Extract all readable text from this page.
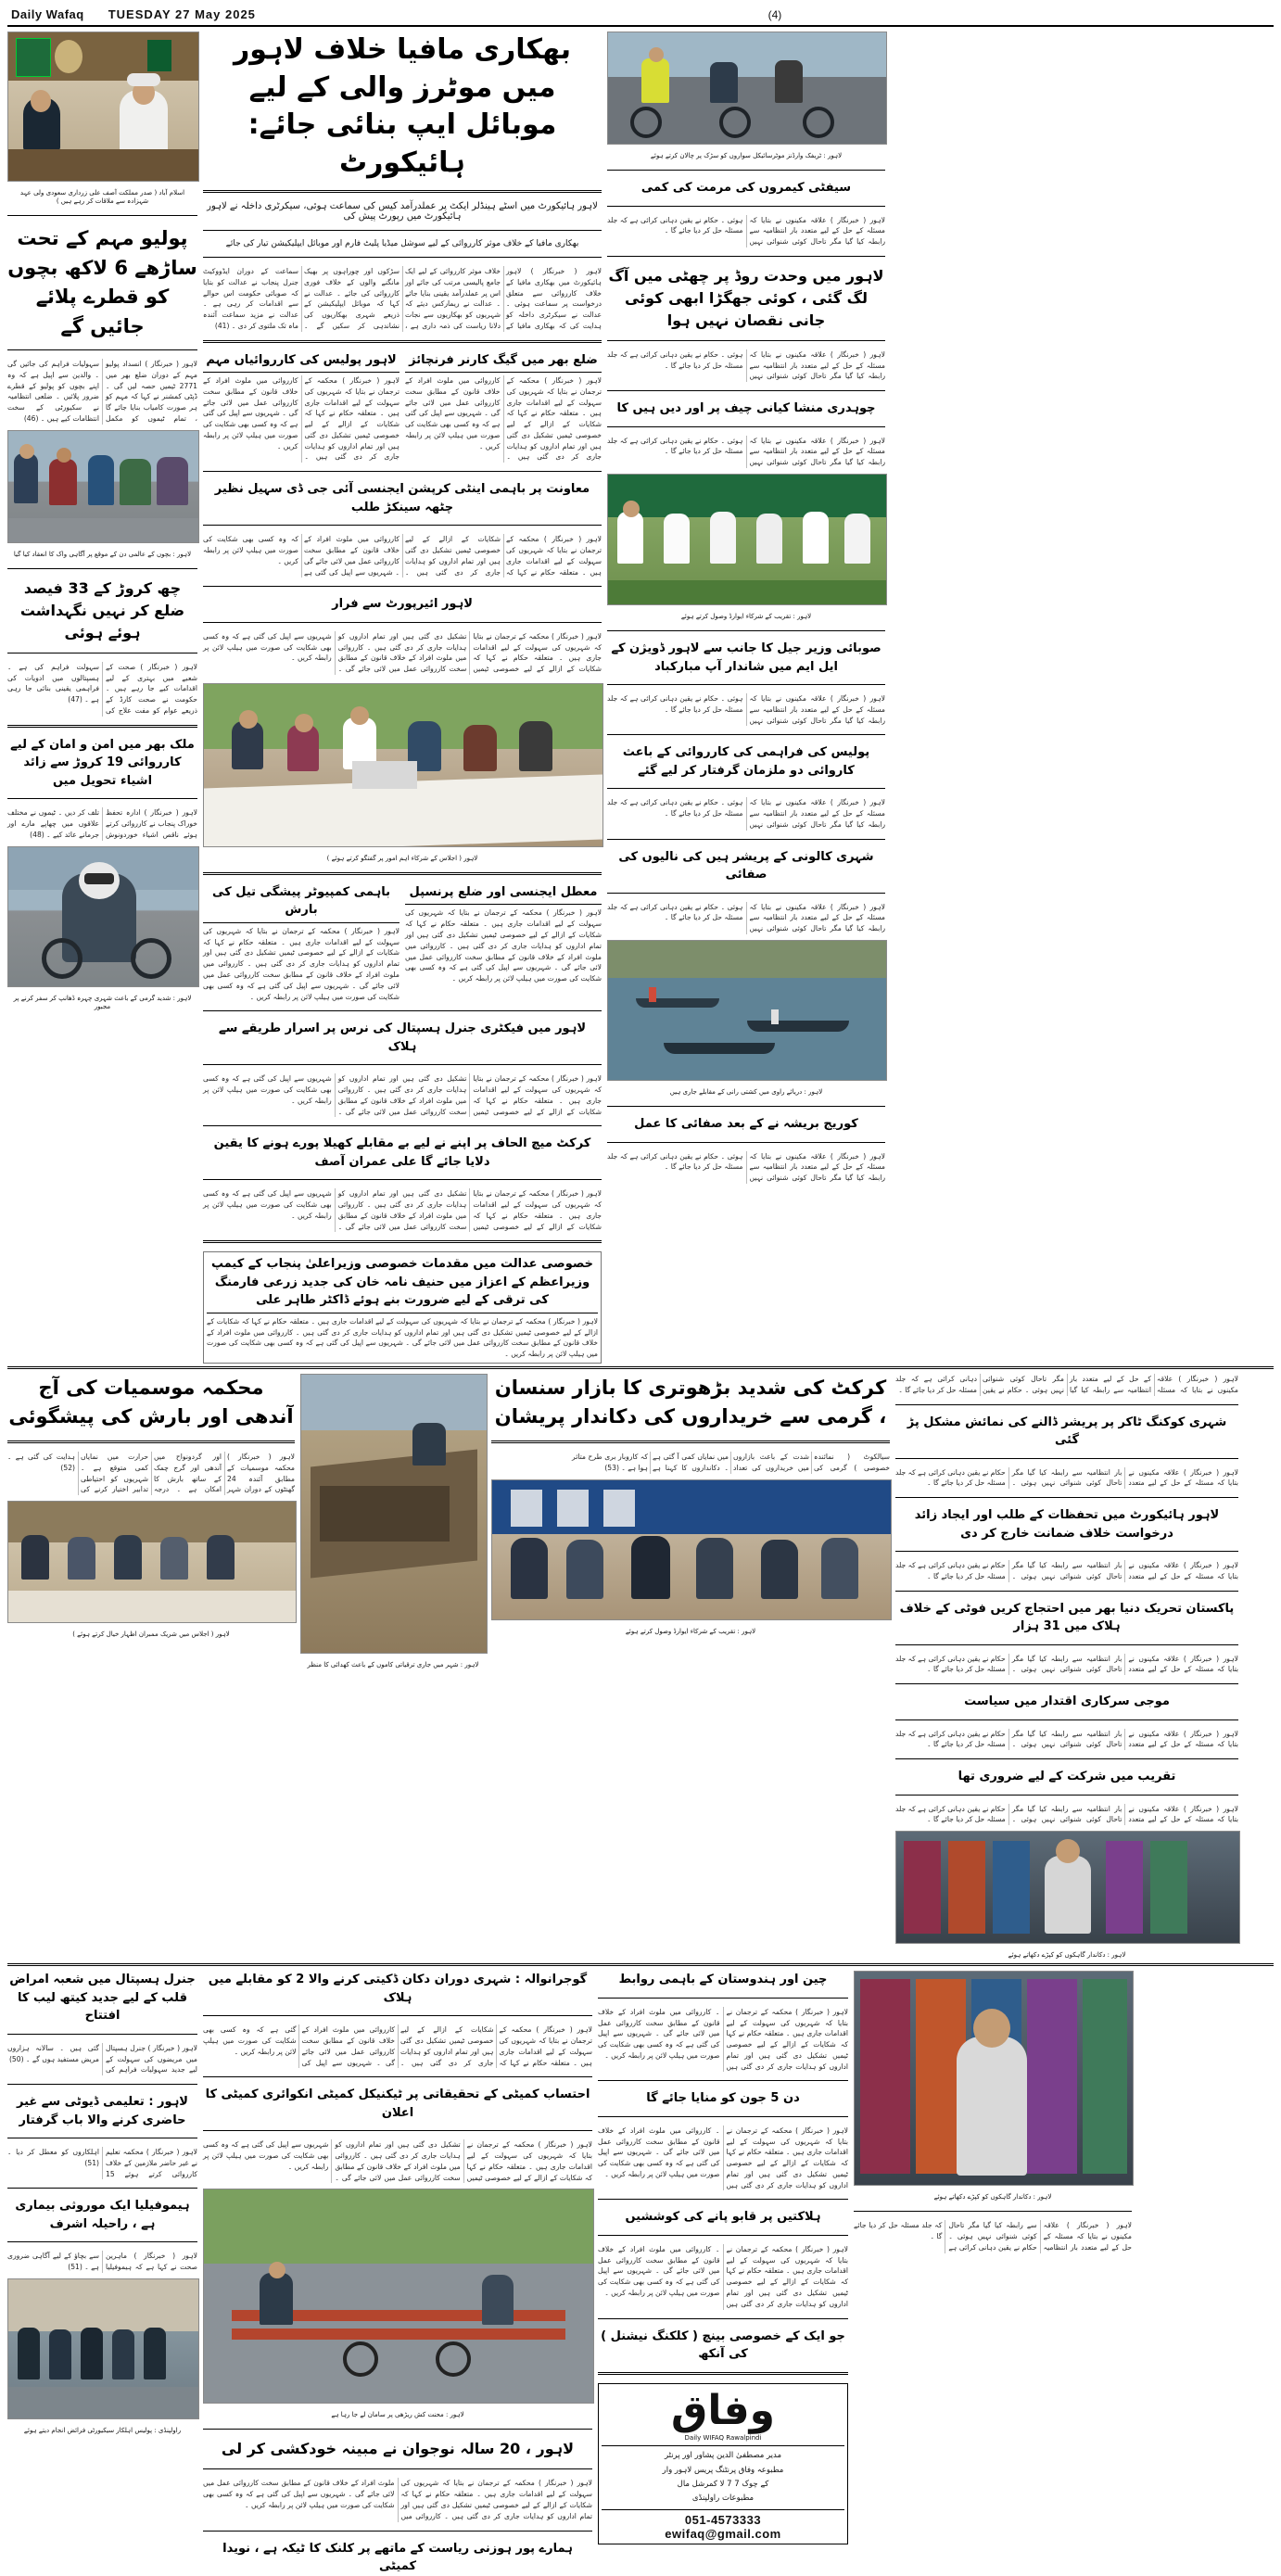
Daily Wafaq TUESDAY 27 May 2025	(4)
اسلام آباد ( صدر مملکت آصف علی زرداری سعودی ولی عہد شہزادہ سے ملاقات کر رہے ہیں )
پولیو مہم کے تحت ساڑھے 6 لاکھ بچوں کو قطرے پلائے جائیں گے
لاہور ( خبرنگار ) انسداد پولیو مہم کے دوران ضلع بھر میں 2771 ٹیمیں حصہ لیں گی ۔ ڈپٹی کمشنر نے کہا کہ مہم کو ہر صورت کامیاب بنایا جائے گا ، تمام ٹیموں کو مکمل سہولیات فراہم کی جائیں گی ۔ والدین سے اپیل ہے کہ وہ اپنے بچوں کو پولیو کے قطرے ضرور پلائیں ۔ ضلعی انتظامیہ نے سکیورٹی کے سخت انتظامات کیے ہیں ۔ (46)
لاہور : بچوں کے عالمی دن کے موقع پر آگاہی واک کا انعقاد کیا گیا
چھ کروڑ کے 33 فیصد ضلع کر نہیں نگہداشت ہوئے ہوئی
لاہور ( خبرنگار ) صحت کے شعبے میں بہتری کے لیے اقدامات کیے جا رہے ہیں ۔ حکومت نے صحت کارڈ کے ذریعے عوام کو مفت علاج کی سہولت فراہم کی ہے ۔ ہسپتالوں میں ادویات کی فراہمی یقینی بنائی جا رہی ہے ۔ (47)
ملک بھر میں امن و امان کے لیے کارروائی 19 کروڑ سے زائد اشیاء تحویل میں
لاہور ( خبرنگار ) ادارہ تحفظ خوراک پنجاب نے کارروائی کرتے ہوئے ناقص اشیاء خوردونوش تلف کر دیں ۔ ٹیموں نے مختلف علاقوں میں چھاپے مارے اور جرمانے عائد کیے ۔ (48)
لاہور : شدید گرمی کے باعث شہری چہرہ ڈھانپ کر سفر کرنے پر مجبور
بھکاری مافیا خلاف لاہور میں موٹرز والی کے لیے موبائل ایپ بنائی جائے: ہائیکورٹ
لاہور ہائیکورٹ میں اسٹے ہینڈلر ایکٹ پر عملدرآمد کیس کی سماعت ہوئی، سیکرٹری داخلہ نے لاہور ہائیکورٹ میں رپورٹ پیش کی
بھکاری مافیا کے خلاف موثر کارروائی کے لیے سوشل میڈیا پلیٹ فارم اور موبائل ایپلیکیشن تیار کی جائے
لاہور ( خبرنگار ) لاہور ہائیکورٹ میں بھکاری مافیا کے خلاف کارروائی سے متعلق درخواست پر سماعت ہوئی ۔ عدالت نے سیکرٹری داخلہ کو ہدایت کی کہ بھکاری مافیا کے خلاف موثر کارروائی کے لیے ایک جامع پالیسی مرتب کی جائے اور اس پر عملدرآمد یقینی بنایا جائے ۔ عدالت نے ریمارکس دیئے کہ شہریوں کو بھکاریوں سے نجات دلانا ریاست کی ذمہ داری ہے ، سڑکوں اور چوراہوں پر بھیک مانگنے والوں کے خلاف فوری کارروائی کی جائے ۔ عدالت نے کہا کہ موبائل ایپلیکیشن کے ذریعے شہری بھکاریوں کی نشاندہی کر سکیں گے ۔ سماعت کے دوران ایڈووکیٹ جنرل پنجاب نے عدالت کو بتایا کہ صوبائی حکومت اس حوالے سے اقدامات کر رہی ہے ۔ عدالت نے مزید سماعت آئندہ ماہ تک ملتوی کر دی ۔ (41)
لاہور پولیس کی کارروائیاں مہم
لاہور ( خبرنگار ) محکمہ کے ترجمان نے بتایا کہ شہریوں کی سہولت کے لیے اقدامات جاری ہیں ۔ متعلقہ حکام نے کہا کہ شکایات کے ازالے کے لیے خصوصی ٹیمیں تشکیل دی گئی ہیں اور تمام اداروں کو ہدایات جاری کر دی گئی ہیں ۔ کارروائی میں ملوث افراد کے خلاف قانون کے مطابق سخت کارروائی عمل میں لائی جائے گی ۔ شہریوں سے اپیل کی گئی ہے کہ وہ کسی بھی شکایت کی صورت میں ہیلپ لائن پر رابطہ کریں ۔
ضلع بھر میں گیگ کارنر فرنچائز
لاہور ( خبرنگار ) محکمہ کے ترجمان نے بتایا کہ شہریوں کی سہولت کے لیے اقدامات جاری ہیں ۔ متعلقہ حکام نے کہا کہ شکایات کے ازالے کے لیے خصوصی ٹیمیں تشکیل دی گئی ہیں اور تمام اداروں کو ہدایات جاری کر دی گئی ہیں ۔ کارروائی میں ملوث افراد کے خلاف قانون کے مطابق سخت کارروائی عمل میں لائی جائے گی ۔ شہریوں سے اپیل کی گئی ہے کہ وہ کسی بھی شکایت کی صورت میں ہیلپ لائن پر رابطہ کریں ۔
معاونت پر باہمی اینٹی کرپشن ایجنسی آئی جی ڈی سہیل نظیر چٹھہ سینکڑ طلب
لاہور ( خبرنگار ) محکمہ کے ترجمان نے بتایا کہ شہریوں کی سہولت کے لیے اقدامات جاری ہیں ۔ متعلقہ حکام نے کہا کہ شکایات کے ازالے کے لیے خصوصی ٹیمیں تشکیل دی گئی ہیں اور تمام اداروں کو ہدایات جاری کر دی گئی ہیں ۔ کارروائی میں ملوث افراد کے خلاف قانون کے مطابق سخت کارروائی عمل میں لائی جائے گی ۔ شہریوں سے اپیل کی گئی ہے کہ وہ کسی بھی شکایت کی صورت میں ہیلپ لائن پر رابطہ کریں ۔
لاہور ائیرپورٹ سے فرار
لاہور ( خبرنگار ) محکمہ کے ترجمان نے بتایا کہ شہریوں کی سہولت کے لیے اقدامات جاری ہیں ۔ متعلقہ حکام نے کہا کہ شکایات کے ازالے کے لیے خصوصی ٹیمیں تشکیل دی گئی ہیں اور تمام اداروں کو ہدایات جاری کر دی گئی ہیں ۔ کارروائی میں ملوث افراد کے خلاف قانون کے مطابق سخت کارروائی عمل میں لائی جائے گی ۔ شہریوں سے اپیل کی گئی ہے کہ وہ کسی بھی شکایت کی صورت میں ہیلپ لائن پر رابطہ کریں ۔
لاہور ( اجلاس کے شرکاء اہم امور پر گفتگو کرتے ہوئے )
باہمی کمپیوٹر پیشگی تیل کی بارش
لاہور ( خبرنگار ) محکمہ کے ترجمان نے بتایا کہ شہریوں کی سہولت کے لیے اقدامات جاری ہیں ۔ متعلقہ حکام نے کہا کہ شکایات کے ازالے کے لیے خصوصی ٹیمیں تشکیل دی گئی ہیں اور تمام اداروں کو ہدایات جاری کر دی گئی ہیں ۔ کارروائی میں ملوث افراد کے خلاف قانون کے مطابق سخت کارروائی عمل میں لائی جائے گی ۔ شہریوں سے اپیل کی گئی ہے کہ وہ کسی بھی شکایت کی صورت میں ہیلپ لائن پر رابطہ کریں ۔
معطل ایجنسی اور ضلع پرنسپل
لاہور ( خبرنگار ) محکمہ کے ترجمان نے بتایا کہ شہریوں کی سہولت کے لیے اقدامات جاری ہیں ۔ متعلقہ حکام نے کہا کہ شکایات کے ازالے کے لیے خصوصی ٹیمیں تشکیل دی گئی ہیں اور تمام اداروں کو ہدایات جاری کر دی گئی ہیں ۔ کارروائی میں ملوث افراد کے خلاف قانون کے مطابق سخت کارروائی عمل میں لائی جائے گی ۔ شہریوں سے اپیل کی گئی ہے کہ وہ کسی بھی شکایت کی صورت میں ہیلپ لائن پر رابطہ کریں ۔
لاہور میں فیکٹری جنرل ہسپتال کی نرس پر اسرار طریقے سے ہلاک
لاہور ( خبرنگار ) محکمہ کے ترجمان نے بتایا کہ شہریوں کی سہولت کے لیے اقدامات جاری ہیں ۔ متعلقہ حکام نے کہا کہ شکایات کے ازالے کے لیے خصوصی ٹیمیں تشکیل دی گئی ہیں اور تمام اداروں کو ہدایات جاری کر دی گئی ہیں ۔ کارروائی میں ملوث افراد کے خلاف قانون کے مطابق سخت کارروائی عمل میں لائی جائے گی ۔ شہریوں سے اپیل کی گئی ہے کہ وہ کسی بھی شکایت کی صورت میں ہیلپ لائن پر رابطہ کریں ۔
کرکٹ میچ الحاف پر اپنے نے لیے بے مقابلے کھیلا پورے ہونے کا یقین دلایا جائے گا علی عمران آصف
لاہور ( خبرنگار ) محکمہ کے ترجمان نے بتایا کہ شہریوں کی سہولت کے لیے اقدامات جاری ہیں ۔ متعلقہ حکام نے کہا کہ شکایات کے ازالے کے لیے خصوصی ٹیمیں تشکیل دی گئی ہیں اور تمام اداروں کو ہدایات جاری کر دی گئی ہیں ۔ کارروائی میں ملوث افراد کے خلاف قانون کے مطابق سخت کارروائی عمل میں لائی جائے گی ۔ شہریوں سے اپیل کی گئی ہے کہ وہ کسی بھی شکایت کی صورت میں ہیلپ لائن پر رابطہ کریں ۔
خصوصی عدالت میں مقدمات خصوصی وزیراعلیٰ پنجاب کے کیمپ وزیراعظم کے اعزاز میں حنیف نامہ خان کی جدید زرعی فارمنگ کی ترقی کے لیے ضرورت بنے ہوئے ڈاکٹر طاہر علی
لاہور ( خبرنگار ) محکمہ کے ترجمان نے بتایا کہ شہریوں کی سہولت کے لیے اقدامات جاری ہیں ۔ متعلقہ حکام نے کہا کہ شکایات کے ازالے کے لیے خصوصی ٹیمیں تشکیل دی گئی ہیں اور تمام اداروں کو ہدایات جاری کر دی گئی ہیں ۔ کارروائی میں ملوث افراد کے خلاف قانون کے مطابق سخت کارروائی عمل میں لائی جائے گی ۔ شہریوں سے اپیل کی گئی ہے کہ وہ کسی بھی شکایت کی صورت میں ہیلپ لائن پر رابطہ کریں ۔
لاہور : ٹریفک وارڈنز موٹرسائیکل سواروں کو سڑک پر چالان کرتے ہوئے
سیفٹی کیمروں کی مرمت کی کمی
لاہور ( خبرنگار ) علاقہ مکینوں نے بتایا کہ مسئلہ کے حل کے لیے متعدد بار انتظامیہ سے رابطہ کیا گیا مگر تاحال کوئی شنوائی نہیں ہوئی ۔ حکام نے یقین دہانی کرائی ہے کہ جلد مسئلہ حل کر دیا جائے گا ۔
لاہور میں وحدت روڈ پر چھٹی میں آگ لگ گئی ، کوئی جھگڑا ابھی کوئی جانی نقصان نہیں ہوا
لاہور ( خبرنگار ) علاقہ مکینوں نے بتایا کہ مسئلہ کے حل کے لیے متعدد بار انتظامیہ سے رابطہ کیا گیا مگر تاحال کوئی شنوائی نہیں ہوئی ۔ حکام نے یقین دہانی کرائی ہے کہ جلد مسئلہ حل کر دیا جائے گا ۔
چوہدری منشا کیانی چیف پر اور دیں ہیں کا
لاہور ( خبرنگار ) علاقہ مکینوں نے بتایا کہ مسئلہ کے حل کے لیے متعدد بار انتظامیہ سے رابطہ کیا گیا مگر تاحال کوئی شنوائی نہیں ہوئی ۔ حکام نے یقین دہانی کرائی ہے کہ جلد مسئلہ حل کر دیا جائے گا ۔
لاہور : تقریب کے شرکاء ایوارڈ وصول کرتے ہوئے
صوبائی وزیر جیل کا جانب سے لاہور ڈویژن کے ایل ایم میں شاندار آپ مبارکباد
لاہور ( خبرنگار ) علاقہ مکینوں نے بتایا کہ مسئلہ کے حل کے لیے متعدد بار انتظامیہ سے رابطہ کیا گیا مگر تاحال کوئی شنوائی نہیں ہوئی ۔ حکام نے یقین دہانی کرائی ہے کہ جلد مسئلہ حل کر دیا جائے گا ۔
پولیس کی فراہمی کی کارروائی کے باعث کاروائی دو ملزمان گرفتار کر لیے گئے
لاہور ( خبرنگار ) علاقہ مکینوں نے بتایا کہ مسئلہ کے حل کے لیے متعدد بار انتظامیہ سے رابطہ کیا گیا مگر تاحال کوئی شنوائی نہیں ہوئی ۔ حکام نے یقین دہانی کرائی ہے کہ جلد مسئلہ حل کر دیا جائے گا ۔
شہری کالونی کے پریشر ہیں کی نالیوں کی صفائی
لاہور ( خبرنگار ) علاقہ مکینوں نے بتایا کہ مسئلہ کے حل کے لیے متعدد بار انتظامیہ سے رابطہ کیا گیا مگر تاحال کوئی شنوائی نہیں ہوئی ۔ حکام نے یقین دہانی کرائی ہے کہ جلد مسئلہ حل کر دیا جائے گا ۔
لاہور : دریائے راوی میں کشتی رانی کے مقابلے جاری ہیں
کوریج بریشہ نے کے بعد صفائی کا عمل
لاہور ( خبرنگار ) علاقہ مکینوں نے بتایا کہ مسئلہ کے حل کے لیے متعدد بار انتظامیہ سے رابطہ کیا گیا مگر تاحال کوئی شنوائی نہیں ہوئی ۔ حکام نے یقین دہانی کرائی ہے کہ جلد مسئلہ حل کر دیا جائے گا ۔
محکمہ موسمیات کی آج آندھی اور بارش کی پیشگوئی
لاہور ( خبرنگار ) محکمہ موسمیات کے مطابق آئندہ 24 گھنٹوں کے دوران شہر اور گردونواح میں آندھی اور گرج چمک کے ساتھ بارش کا امکان ہے ۔ درجہ حرارت میں نمایاں کمی متوقع ہے ۔ شہریوں کو احتیاطی تدابیر اختیار کرنے کی ہدایت کی گئی ہے ۔ (52)
لاہور ( اجلاس میں شریک ممبران اظہار خیال کرتے ہوئے )
لاہور : شہر میں جاری ترقیاتی کاموں کے باعث کھدائی کا منظر
کرکٹ کی شدید بڑھوتری کا بازار سنسان ، گرمی سے خریداروں کی دکاندار پریشان
سیالکوٹ ( نمائندہ خصوصی ) گرمی کی شدت کے باعث بازاروں میں خریداروں کی تعداد میں نمایاں کمی آ گئی ہے ۔ دکانداروں کا کہنا ہے کہ کاروبار بری طرح متاثر ہوا ہے ۔ (53)
لاہور : تقریب کے شرکاء ایوارڈ وصول کرتے ہوئے
لاہور ( خبرنگار ) علاقہ مکینوں نے بتایا کہ مسئلہ کے حل کے لیے متعدد بار انتظامیہ سے رابطہ کیا گیا مگر تاحال کوئی شنوائی نہیں ہوئی ۔ حکام نے یقین دہانی کرائی ہے کہ جلد مسئلہ حل کر دیا جائے گا ۔
شہری کوکنگ ٹاکر پر پریشر ڈالنے کی نمائش مشکل پڑ گئی
لاہور ( خبرنگار ) علاقہ مکینوں نے بتایا کہ مسئلہ کے حل کے لیے متعدد بار انتظامیہ سے رابطہ کیا گیا مگر تاحال کوئی شنوائی نہیں ہوئی ۔ حکام نے یقین دہانی کرائی ہے کہ جلد مسئلہ حل کر دیا جائے گا ۔
لاہور ہائیکورٹ میں تحفظات کے طلب اور ایجاد زائد درخواست خلاف ضمانت خارج کر دی
لاہور ( خبرنگار ) علاقہ مکینوں نے بتایا کہ مسئلہ کے حل کے لیے متعدد بار انتظامیہ سے رابطہ کیا گیا مگر تاحال کوئی شنوائی نہیں ہوئی ۔ حکام نے یقین دہانی کرائی ہے کہ جلد مسئلہ حل کر دیا جائے گا ۔
پاکستان تحریک دنیا بھر میں احتجاج کریں فوٹی کے خلاف ہلاک میں 31 ہزار
لاہور ( خبرنگار ) علاقہ مکینوں نے بتایا کہ مسئلہ کے حل کے لیے متعدد بار انتظامیہ سے رابطہ کیا گیا مگر تاحال کوئی شنوائی نہیں ہوئی ۔ حکام نے یقین دہانی کرائی ہے کہ جلد مسئلہ حل کر دیا جائے گا ۔
موجی سرکاری اقتدار میں سیاست
لاہور ( خبرنگار ) علاقہ مکینوں نے بتایا کہ مسئلہ کے حل کے لیے متعدد بار انتظامیہ سے رابطہ کیا گیا مگر تاحال کوئی شنوائی نہیں ہوئی ۔ حکام نے یقین دہانی کرائی ہے کہ جلد مسئلہ حل کر دیا جائے گا ۔
تقریب میں شرکت کے لیے ضروری تھا
لاہور ( خبرنگار ) علاقہ مکینوں نے بتایا کہ مسئلہ کے حل کے لیے متعدد بار انتظامیہ سے رابطہ کیا گیا مگر تاحال کوئی شنوائی نہیں ہوئی ۔ حکام نے یقین دہانی کرائی ہے کہ جلد مسئلہ حل کر دیا جائے گا ۔
لاہور : دکاندار گاہکوں کو کپڑے دکھاتے ہوئے
جنرل ہسپتال میں شعبہ امراض قلب کے لیے جدید کیتھ لیب کا افتتاح
لاہور ( خبرنگار ) جنرل ہسپتال میں مریضوں کی سہولت کے لیے جدید سہولیات فراہم کی گئی ہیں ۔ سالانہ ہزاروں مریض مستفید ہوں گے ۔ (50)
لاہور : تعلیمی ڈیوٹی سے غیر حاضری کرنے والا باب گرفتار
لاہور ( خبرنگار ) محکمہ تعلیم نے غیر حاضر ملازمین کے خلاف کارروائی کرتے ہوئے 15 اہلکاروں کو معطل کر دیا ۔ (51)
ہیموفیلیا ایک موروثی بیماری ہے ، راحیلہ اشرف
لاہور ( خبرنگار ) ماہرین صحت نے کہا ہے کہ ہیموفیلیا سے بچاؤ کے لیے آگاہی ضروری ہے ۔ (51)
راولپنڈی : پولیس اہلکار سیکیورٹی فرائض انجام دیتے ہوئے
گوجرانوالہ : شہری دوران دکان ڈکیتی کرنے والا 2 کو مقابلے میں ہلاک
لاہور ( خبرنگار ) محکمہ کے ترجمان نے بتایا کہ شہریوں کی سہولت کے لیے اقدامات جاری ہیں ۔ متعلقہ حکام نے کہا کہ شکایات کے ازالے کے لیے خصوصی ٹیمیں تشکیل دی گئی ہیں اور تمام اداروں کو ہدایات جاری کر دی گئی ہیں ۔ کارروائی میں ملوث افراد کے خلاف قانون کے مطابق سخت کارروائی عمل میں لائی جائے گی ۔ شہریوں سے اپیل کی گئی ہے کہ وہ کسی بھی شکایت کی صورت میں ہیلپ لائن پر رابطہ کریں ۔
احتساب کمیٹی کے تحقیقاتی پر ٹیکنیکل کمیٹی انکوائری کمیٹی کا اعلان
لاہور ( خبرنگار ) محکمہ کے ترجمان نے بتایا کہ شہریوں کی سہولت کے لیے اقدامات جاری ہیں ۔ متعلقہ حکام نے کہا کہ شکایات کے ازالے کے لیے خصوصی ٹیمیں تشکیل دی گئی ہیں اور تمام اداروں کو ہدایات جاری کر دی گئی ہیں ۔ کارروائی میں ملوث افراد کے خلاف قانون کے مطابق سخت کارروائی عمل میں لائی جائے گی ۔ شہریوں سے اپیل کی گئی ہے کہ وہ کسی بھی شکایت کی صورت میں ہیلپ لائن پر رابطہ کریں ۔
لاہور : محنت کش ریڑھی پر سامان لے جا رہا ہے
لاہور ، 20 سالہ نوجوان نے مبینہ خودکشی کر لی
لاہور ( خبرنگار ) محکمہ کے ترجمان نے بتایا کہ شہریوں کی سہولت کے لیے اقدامات جاری ہیں ۔ متعلقہ حکام نے کہا کہ شکایات کے ازالے کے لیے خصوصی ٹیمیں تشکیل دی گئی ہیں اور تمام اداروں کو ہدایات جاری کر دی گئی ہیں ۔ کارروائی میں ملوث افراد کے خلاف قانون کے مطابق سخت کارروائی عمل میں لائی جائے گی ۔ شہریوں سے اپیل کی گئی ہے کہ وہ کسی بھی شکایت کی صورت میں ہیلپ لائن پر رابطہ کریں ۔
ہمارے پور ہوزنی ریاست کے ماتھے پر کلنک کا ٹیکہ ہے ، نویدا کمیٹی
چین اور ہندوستان کے باہمی روابط
لاہور ( خبرنگار ) محکمہ کے ترجمان نے بتایا کہ شہریوں کی سہولت کے لیے اقدامات جاری ہیں ۔ متعلقہ حکام نے کہا کہ شکایات کے ازالے کے لیے خصوصی ٹیمیں تشکیل دی گئی ہیں اور تمام اداروں کو ہدایات جاری کر دی گئی ہیں ۔ کارروائی میں ملوث افراد کے خلاف قانون کے مطابق سخت کارروائی عمل میں لائی جائے گی ۔ شہریوں سے اپیل کی گئی ہے کہ وہ کسی بھی شکایت کی صورت میں ہیلپ لائن پر رابطہ کریں ۔
دن 5 جون کو منایا جائے گا
لاہور ( خبرنگار ) محکمہ کے ترجمان نے بتایا کہ شہریوں کی سہولت کے لیے اقدامات جاری ہیں ۔ متعلقہ حکام نے کہا کہ شکایات کے ازالے کے لیے خصوصی ٹیمیں تشکیل دی گئی ہیں اور تمام اداروں کو ہدایات جاری کر دی گئی ہیں ۔ کارروائی میں ملوث افراد کے خلاف قانون کے مطابق سخت کارروائی عمل میں لائی جائے گی ۔ شہریوں سے اپیل کی گئی ہے کہ وہ کسی بھی شکایت کی صورت میں ہیلپ لائن پر رابطہ کریں ۔
ہلاکتیں پر قابو پانے کی کوششیں
لاہور ( خبرنگار ) محکمہ کے ترجمان نے بتایا کہ شہریوں کی سہولت کے لیے اقدامات جاری ہیں ۔ متعلقہ حکام نے کہا کہ شکایات کے ازالے کے لیے خصوصی ٹیمیں تشکیل دی گئی ہیں اور تمام اداروں کو ہدایات جاری کر دی گئی ہیں ۔ کارروائی میں ملوث افراد کے خلاف قانون کے مطابق سخت کارروائی عمل میں لائی جائے گی ۔ شہریوں سے اپیل کی گئی ہے کہ وہ کسی بھی شکایت کی صورت میں ہیلپ لائن پر رابطہ کریں ۔
جو ایک کے خصوصی بینچ ( کلکنگ نیشنل ) کی آنکھ
وفاق
Daily WIFAQ Rawalpindi
مدیر مصطفیٰ الدین پشاور اور پرنٹر
مطبوعہ وفاق پرنٹنگ پریس لاہور وار
کے چوک 7 7 لا کمرشل مال
مطبوعات راولپنڈی
051-4573333
ewifaq@gmail.com
لاہور : دکاندار گاہکوں کو کپڑے دکھاتے ہوئے
لاہور ( خبرنگار ) علاقہ مکینوں نے بتایا کہ مسئلہ کے حل کے لیے متعدد بار انتظامیہ سے رابطہ کیا گیا مگر تاحال کوئی شنوائی نہیں ہوئی ۔ حکام نے یقین دہانی کرائی ہے کہ جلد مسئلہ حل کر دیا جائے گا ۔
